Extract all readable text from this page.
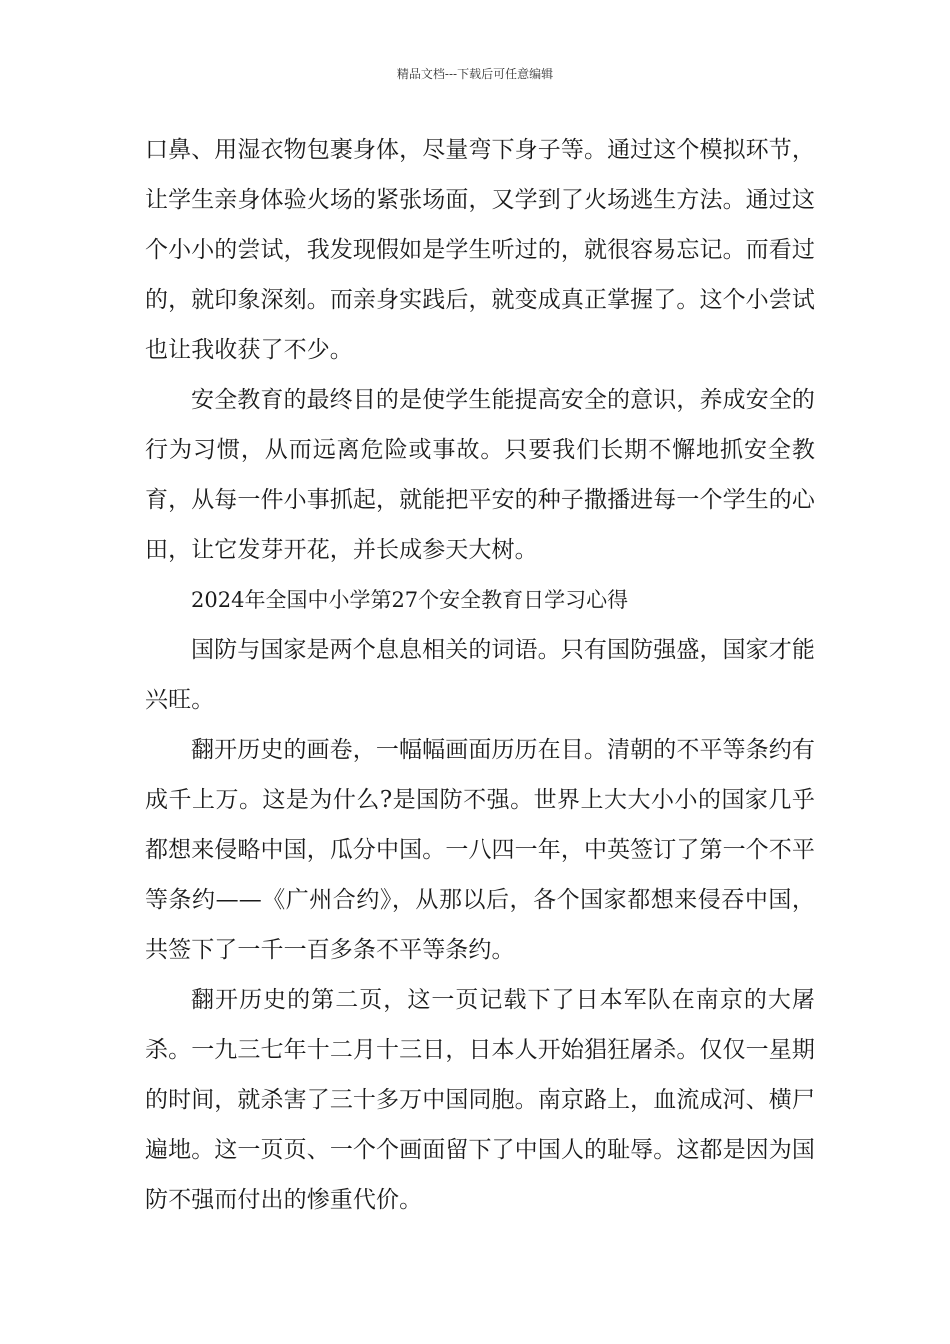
精品文档---下载后可任意编辑

口鼻、用湿衣物包裹身体，尽量弯下身子等。通过这个模拟环节，让学生亲身体验火场的紧张场面，又学到了火场逃生方法。通过这个小小的尝试，我发现假如是学生听过的，就很容易忘记。而看过的，就印象深刻。而亲身实践后，就变成真正掌握了。这个小尝试也让我收获了不少。

安全教育的最终目的是使学生能提高安全的意识，养成安全的行为习惯，从而远离危险或事故。只要我们长期不懈地抓安全教育，从每一件小事抓起，就能把平安的种子撒播进每一个学生的心田，让它发芽开花，并长成参天大树。

2024年全国中小学第27个安全教育日学习心得

国防与国家是两个息息相关的词语。只有国防强盛，国家才能兴旺。

翻开历史的画卷，一幅幅画面历历在目。清朝的不平等条约有成千上万。这是为什么?是国防不强。世界上大大小小的国家几乎都想来侵略中国，瓜分中国。一八四一年，中英签订了第一个不平等条约——《广州合约》，从那以后，各个国家都想来侵吞中国，共签下了一千一百多条不平等条约。

翻开历史的第二页，这一页记载下了日本军队在南京的大屠杀。一九三七年十二月十三日，日本人开始猖狂屠杀。仅仅一星期的时间，就杀害了三十多万中国同胞。南京路上，血流成河、横尸遍地。这一页页、一个个画面留下了中国人的耻辱。这都是因为国防不强而付出的惨重代价。
